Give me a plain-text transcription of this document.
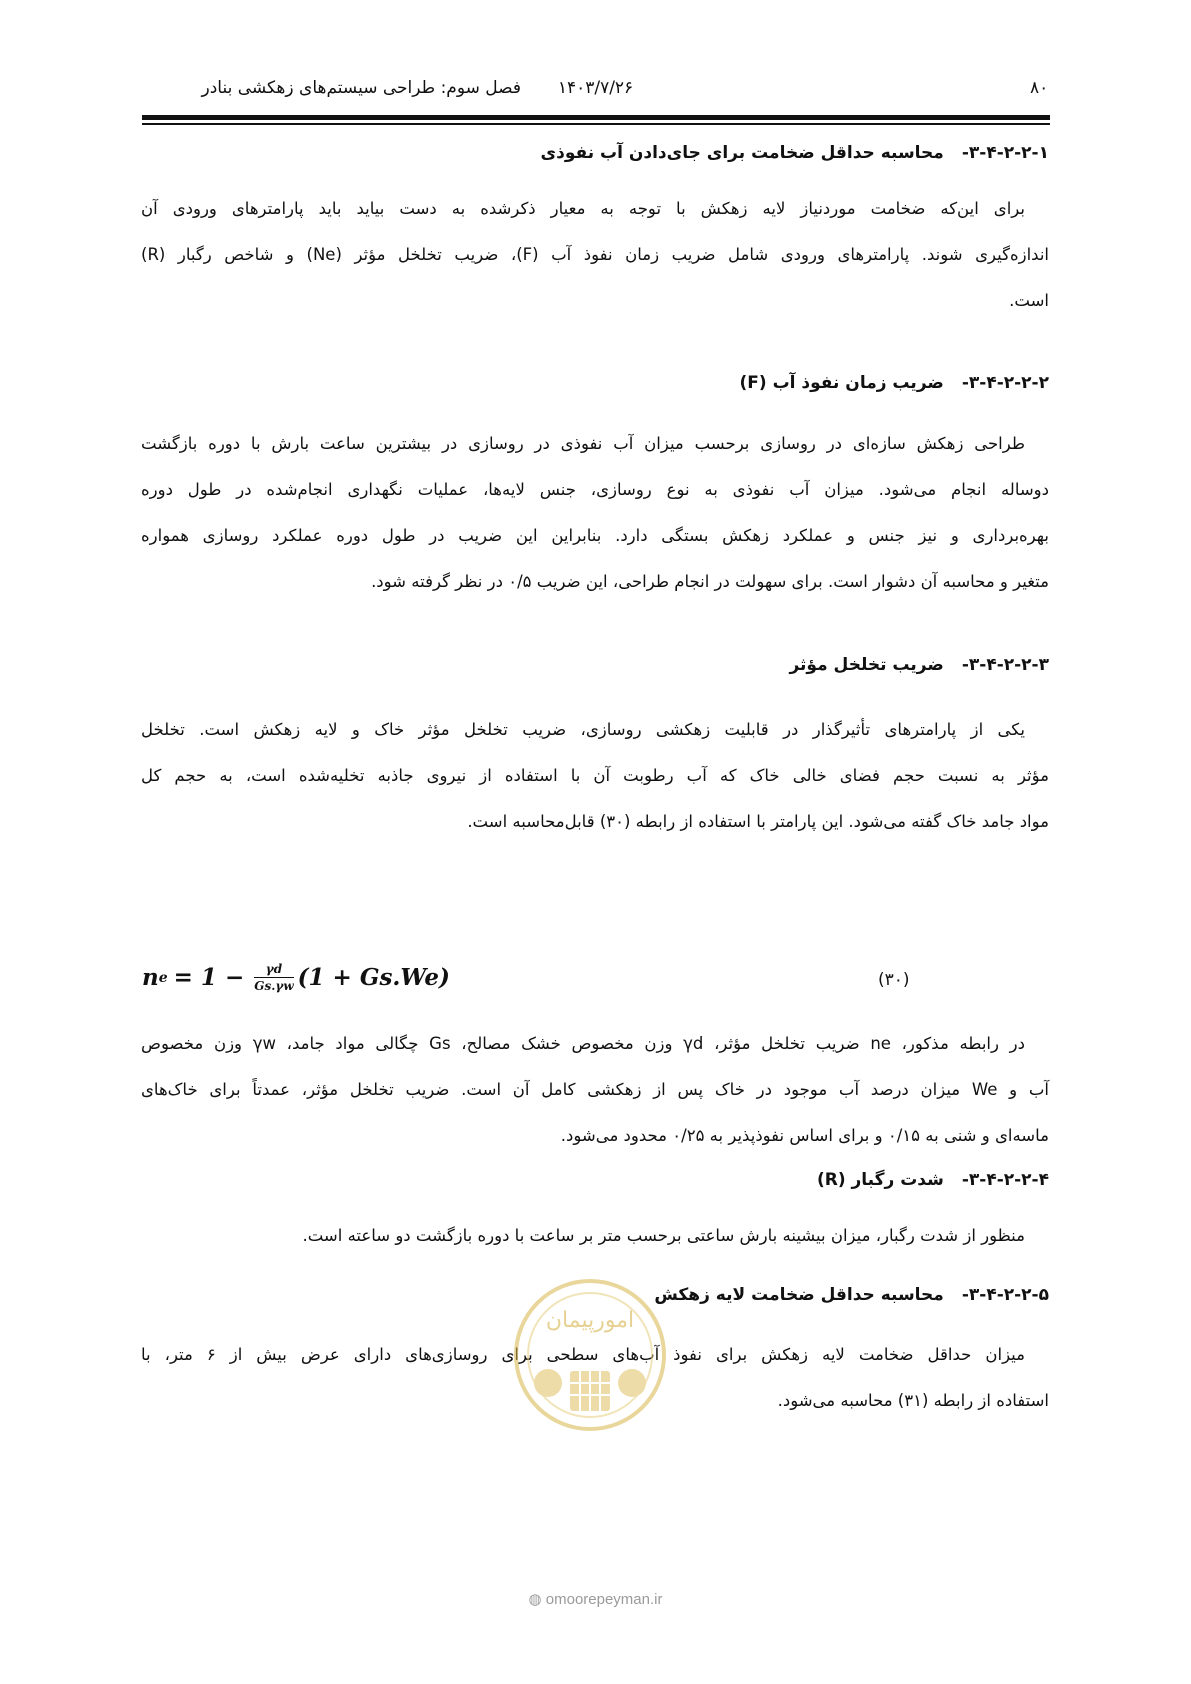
فصل سوم: طراحی سیستم‌های زهکشی بنادر	۱۴۰۳/۷/۲۶	۸۰
۳-۴-۲-۲-۱-محاسبه حداقل ضخامت برای جای‌دادن آب نفوذی
برای این‌که ضخامت موردنیاز لایه زهکش با توجه به معیار ذکرشده به دست بیاید باید پارامترهای ورودی آن
اندازه‌گیری شوند. پارامترهای ورودی شامل ضریب زمان نفوذ آب (F)، ضریب تخلخل مؤثر (Ne) و شاخص رگبار (R)
است.
۳-۴-۲-۲-۲-ضریب زمان نفوذ آب (F)
طراحی زهکش سازه‌ای در روسازی برحسب میزان آب نفوذی در روسازی در بیشترین ساعت بارش با دوره بازگشت
دوساله انجام می‌شود. میزان آب نفوذی به نوع روسازی، جنس لایه‌ها، عملیات نگهداری انجام‌شده در طول دوره
بهره‌برداری و نیز جنس و عملکرد زهکش بستگی دارد. بنابراین این ضریب در طول دوره عملکرد روسازی همواره
متغیر و محاسبه آن دشوار است. برای سهولت در انجام طراحی، این ضریب ۰/۵ در نظر گرفته شود.
۳-۴-۲-۲-۳-ضریب تخلخل مؤثر
یکی از پارامترهای تأثیرگذار در قابلیت زهکشی روسازی، ضریب تخلخل مؤثر خاک و لایه زهکش است. تخلخل
مؤثر به نسبت حجم فضای خالی خاک که آب رطوبت آن با استفاده از نیروی جاذبه تخلیه‌شده است، به حجم کل
مواد جامد خاک گفته می‌شود. این پارامتر با استفاده از رابطه (۳۰) قابل‌محاسبه است.
n $e = 1 - \frac{\gamma d}{Gs.\gamma w} (1 + Gs.We)$	(۳۰)
در رابطه مذکور، ne ضریب تخلخل مؤثر، γd وزن مخصوص خشک مصالح، Gs چگالی مواد جامد، γw وزن مخصوص
آب و We میزان درصد آب موجود در خاک پس از زهکشی کامل آن است. ضریب تخلخل مؤثر، عمدتاً برای خاک‌های
ماسه‌ای و شنی به ۰/۱۵ و برای اساس نفوذپذیر به ۰/۲۵ محدود می‌شود.
۳-۴-۲-۲-۴-شدت رگبار (R)
منظور از شدت رگبار، میزان بیشینه بارش ساعتی برحسب متر بر ساعت با دوره بازگشت دو ساعته است.
۳-۴-۲-۲-۵-محاسبه حداقل ضخامت لایه زهکش
میزان حداقل ضخامت لایه زهکش برای نفوذ آب‌های سطحی برای روسازی‌های دارای عرض بیش از ۶ متر، با
استفاده از رابطه (۳۱) محاسبه می‌شود.
امورپیمان
◍ omoorepeyman.ir
